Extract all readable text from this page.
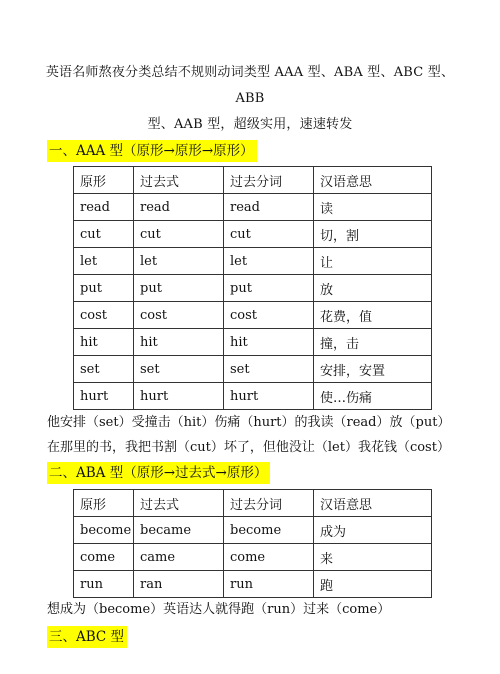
英语名师熬夜分类总结不规则动词类型 AAA 型、ABA 型、ABC 型、ABB
型、AAB 型，超级实用，速速转发
一、AAA 型（原形→原形→原形）
原形	过去式	过去分词	汉语意思
read	read	read	读
cut	cut	cut	切，割
let	let	let	让
put	put	put	放
cost	cost	cost	花费，值
hit	hit	hit	撞，击
set	set	set	安排，安置
hurt	hurt	hurt	使…伤痛
他安排（set）受撞击（hit）伤痛（hurt）的我读（read）放（put）
在那里的书，我把书割（cut）坏了，但他没让（let）我花钱（cost）
二、ABA 型（原形→过去式→原形）
原形	过去式	过去分词	汉语意思
become	became	become	成为
come	came	come	来
run	ran	run	跑
想成为（become）英语达人就得跑（run）过来（come）
三、ABC 型
